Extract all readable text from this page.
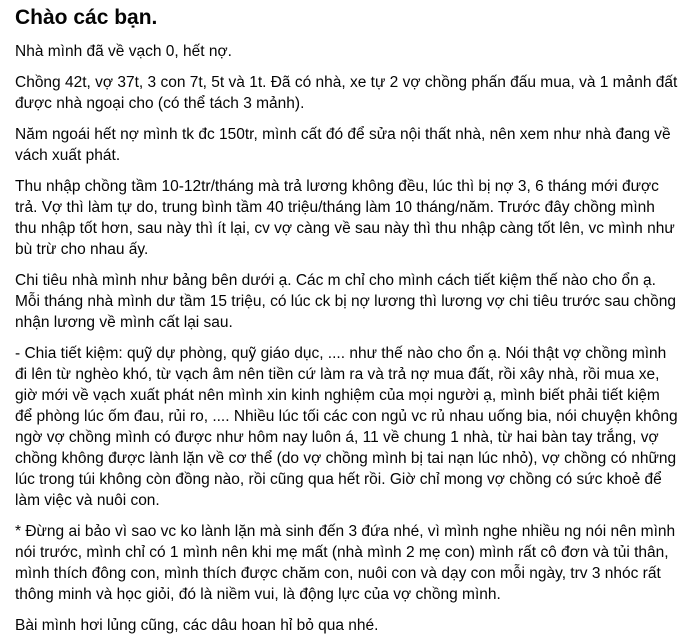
Chào các bạn.

Nhà mình đã về vạch 0, hết nợ.

Chồng 42t, vợ 37t, 3 con 7t, 5t và 1t. Đã có nhà, xe tự 2 vợ chồng phấn đấu mua, và 1 mảnh đất được nhà ngoại cho (có thể tách 3 mảnh).

Năm ngoái hết nợ mình tk đc 150tr, mình cất đó để sửa nội thất nhà, nên xem như nhà đang về vách xuất phát.

Thu nhập chồng tầm 10-12tr/tháng mà trả lương không đều, lúc thì bị nợ 3, 6 tháng mới được trả. Vợ thì làm tự do, trung bình tầm 40 triệu/tháng làm 10 tháng/năm. Trước đây chồng mình thu nhập tốt hơn, sau này thì ít lại, cv vợ càng về sau này thì thu nhập càng tốt lên, vc mình như bù trừ cho nhau ấy.

Chi tiêu nhà mình như bảng bên dưới ạ. Các m chỉ cho mình cách tiết kiệm thế nào cho ổn ạ. Mỗi tháng nhà mình dư tầm 15 triệu, có lúc ck bị nợ lương thì lương vợ chi tiêu trước sau chồng nhận lương về mình cất lại sau.

- Chia tiết kiệm: quỹ dự phòng, quỹ giáo dục, .... như thế nào cho ổn ạ. Nói thật vợ chồng mình đi lên từ nghèo khó, từ vạch âm nên tiền cứ làm ra và trả nợ mua đất, rồi xây nhà, rồi mua xe, giờ mới về vạch xuất phát nên mình xin kinh nghiệm của mọi người ạ, mình biết phải tiết kiệm để phòng lúc ốm đau, rủi ro, .... Nhiều lúc tối các con ngủ vc rủ nhau uống bia, nói chuyện không ngờ vợ chồng mình có được như hôm nay luôn á, 11 về chung 1 nhà, từ hai bàn tay trắng, vợ chồng không được lành lặn về cơ thể (do vợ chồng mình bị tai nạn lúc nhỏ), vợ chồng có những lúc trong túi không còn đồng nào, rồi cũng qua hết rồi. Giờ chỉ mong vợ chồng có sức khoẻ để làm việc và nuôi con.

* Đừng ai bảo vì sao vc ko lành lặn mà sinh đến 3 đứa nhé, vì mình nghe nhiều ng nói nên mình nói trước, mình chỉ có 1 mình nên khi mẹ mất (nhà mình 2 mẹ con) mình rất cô đơn và tủi thân, mình thích đông con, mình thích được chăm con, nuôi con và dạy con mỗi ngày, trv 3 nhóc rất thông minh và học giỏi, đó là niềm vui, là động lực của vợ chồng mình.

Bài mình hơi lủng cũng, các dâu hoan hỉ bỏ qua nhé.
